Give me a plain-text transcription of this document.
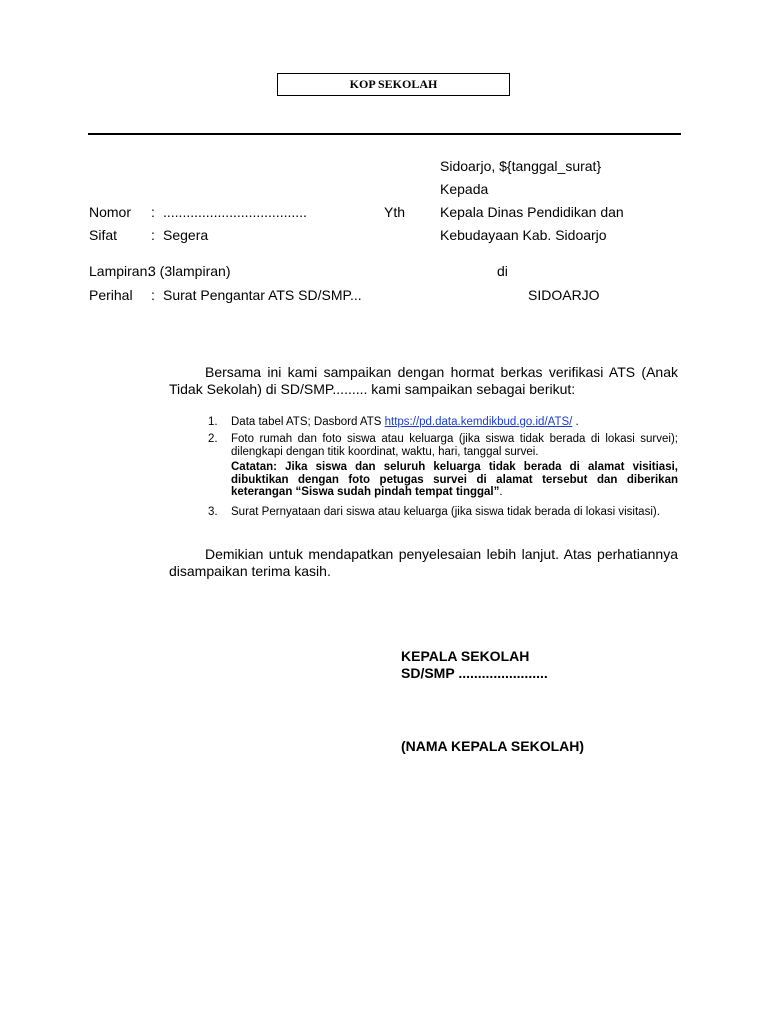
KOP SEKOLAH
Sidoarjo, ${tanggal_surat}
Kepada
Kepala Dinas Pendidikan dan
Kebudayaan Kab. Sidoarjo
Yth
di
SIDOARJO
Nomor : .....................................
Sifat : Segera
Lampiran:
3 (3lampiran)
Perihal : Surat Pengantar ATS SD/SMP...
Bersama ini kami sampaikan dengan hormat berkas verifikasi ATS (Anak Tidak Sekolah) di SD/SMP......... kami sampaikan sebagai berikut:
1. Data tabel ATS; Dasbord ATS https://pd.data.kemdikbud.go.id/ATS/ .
2. Foto rumah dan foto siswa atau keluarga (jika siswa tidak berada di lokasi survei); dilengkapi dengan titik koordinat, waktu, hari, tanggal survei.
Catatan: Jika siswa dan seluruh keluarga tidak berada di alamat visitiasi, dibuktikan dengan foto petugas survei di alamat tersebut dan diberikan keterangan “Siswa sudah pindah tempat tinggal”.
3. Surat Pernyataan dari siswa atau keluarga (jika siswa tidak berada di lokasi visitasi).
Demikian untuk mendapatkan penyelesaian lebih lanjut. Atas perhatiannya disampaikan terima kasih.
KEPALA SEKOLAH
SD/SMP .......................
(NAMA KEPALA SEKOLAH)
